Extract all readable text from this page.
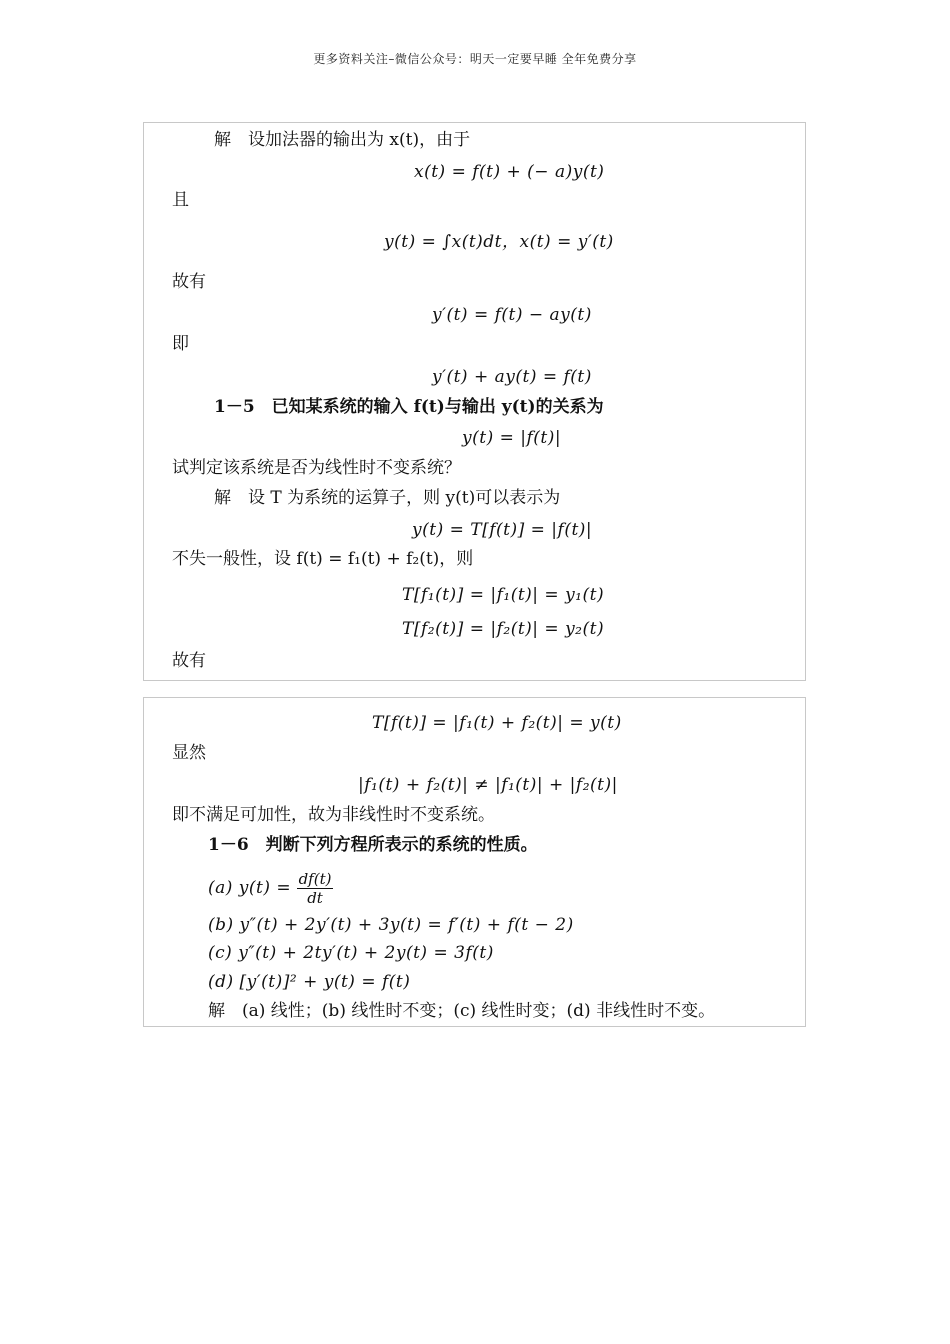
更多资料关注–微信公众号：明天一定要早睡 全年免费分享
解　设加法器的输出为 x(t)，由于
x(t) = f(t) + (− a)y(t)
且
y(t) = ∫x(t)dt，x(t) = y′(t)
故有
y′(t) = f(t) − ay(t)
即
y′(t) + ay(t) = f(t)
1－5　已知某系统的输入 f(t)与输出 y(t)的关系为
y(t) = |f(t)|
试判定该系统是否为线性时不变系统？
解　设 T 为系统的运算子，则 y(t)可以表示为
y(t) = T[f(t)] = |f(t)|
不失一般性，设 f(t) = f₁(t) + f₂(t)，则
T[f₁(t)] = |f₁(t)| = y₁(t)
T[f₂(t)] = |f₂(t)| = y₂(t)
故有
T[f(t)] = |f₁(t) + f₂(t)| = y(t)
显然
|f₁(t) + f₂(t)| ≠ |f₁(t)| + |f₂(t)|
即不满足可加性，故为非线性时不变系统。
1－6　判断下列方程所表示的系统的性质。
(a) $y(t) = \frac{df(t)}{dt}$
(b) y″(t) + 2y′(t) + 3y(t) = f′(t) + f(t − 2)
(c) y″(t) + 2ty′(t) + 2y(t) = 3f(t)
(d) [y′(t)]² + y(t) = f(t)
解　(a) 线性；(b) 线性时不变；(c) 线性时变；(d) 非线性时不变。
